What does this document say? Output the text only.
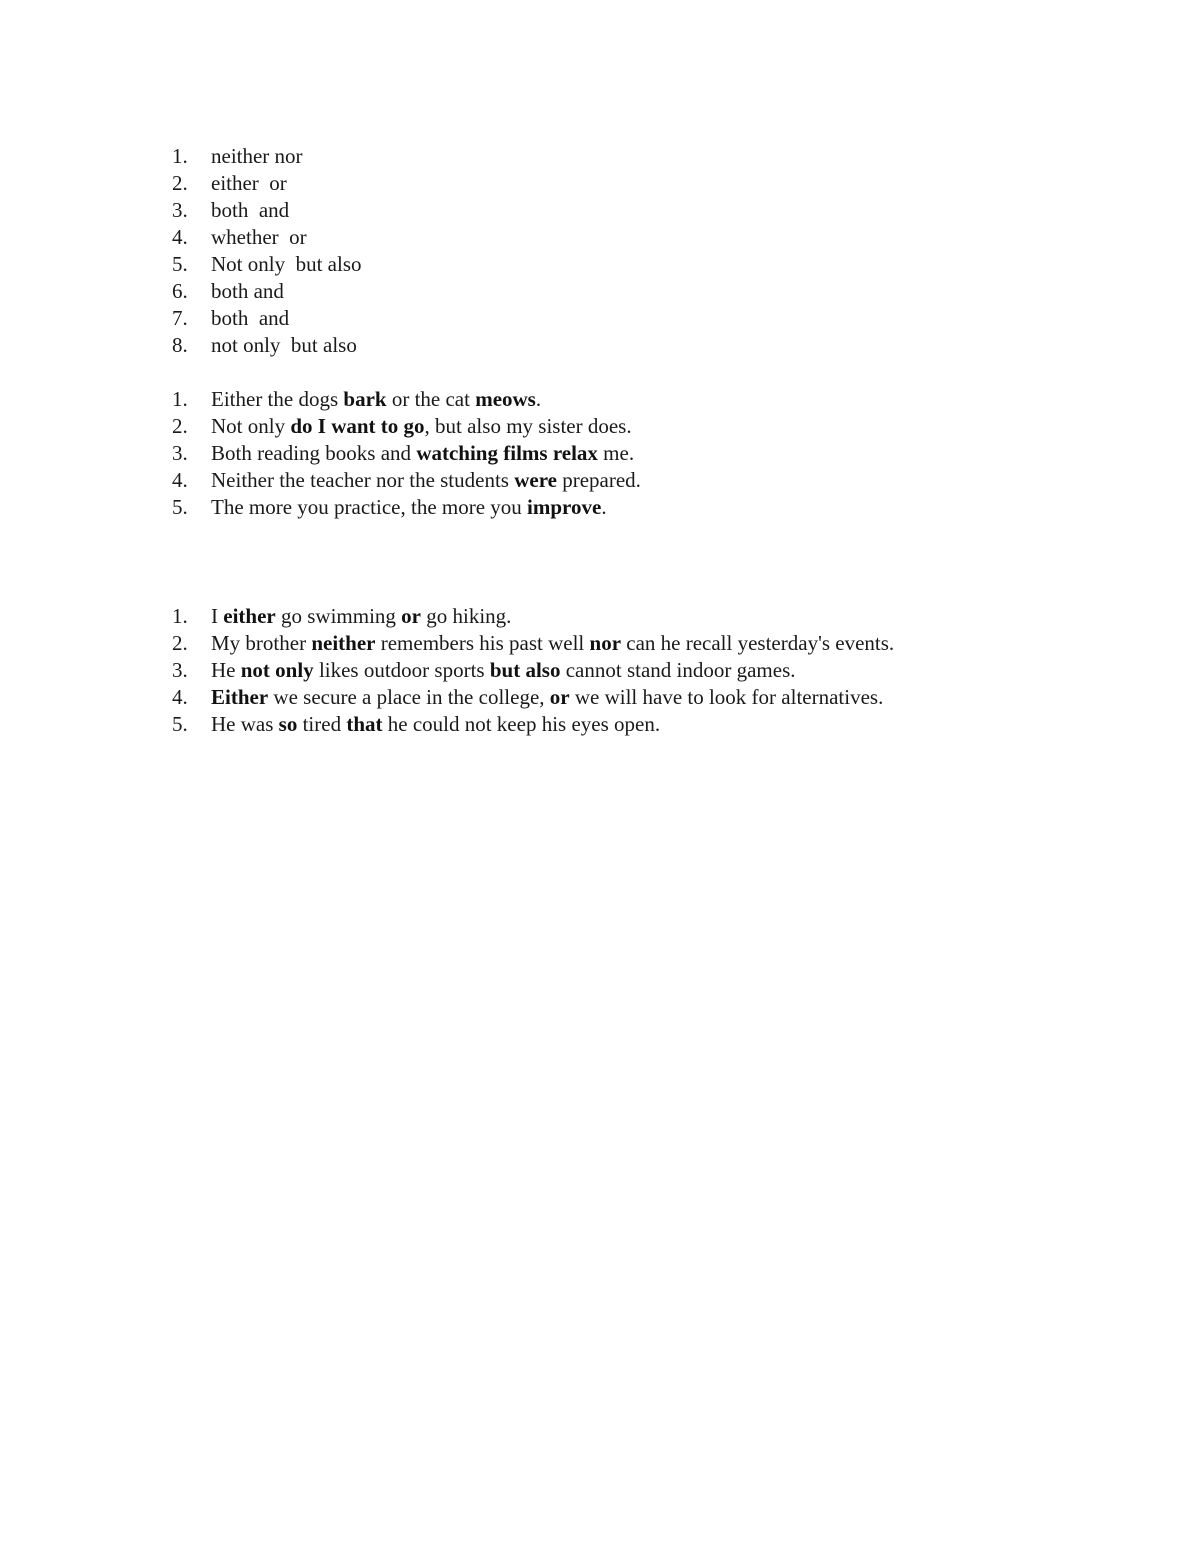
1.	neither nor
2.	either  or
3.	both  and
4.	whether  or
5.	Not only  but also
6.	both and
7.	both  and
8.	not only  but also
1.	Either the dogs bark or the cat meows.
2.	Not only do I want to go, but also my sister does.
3.	Both reading books and watching films relax me.
4.	Neither the teacher nor the students were prepared.
5.	The more you practice, the more you improve.
1.	I either go swimming or go hiking.
2.	My brother neither remembers his past well nor can he recall yesterday's events.
3.	He not only likes outdoor sports but also cannot stand indoor games.
4.	Either we secure a place in the college, or we will have to look for alternatives.
5.	He was so tired that he could not keep his eyes open.
